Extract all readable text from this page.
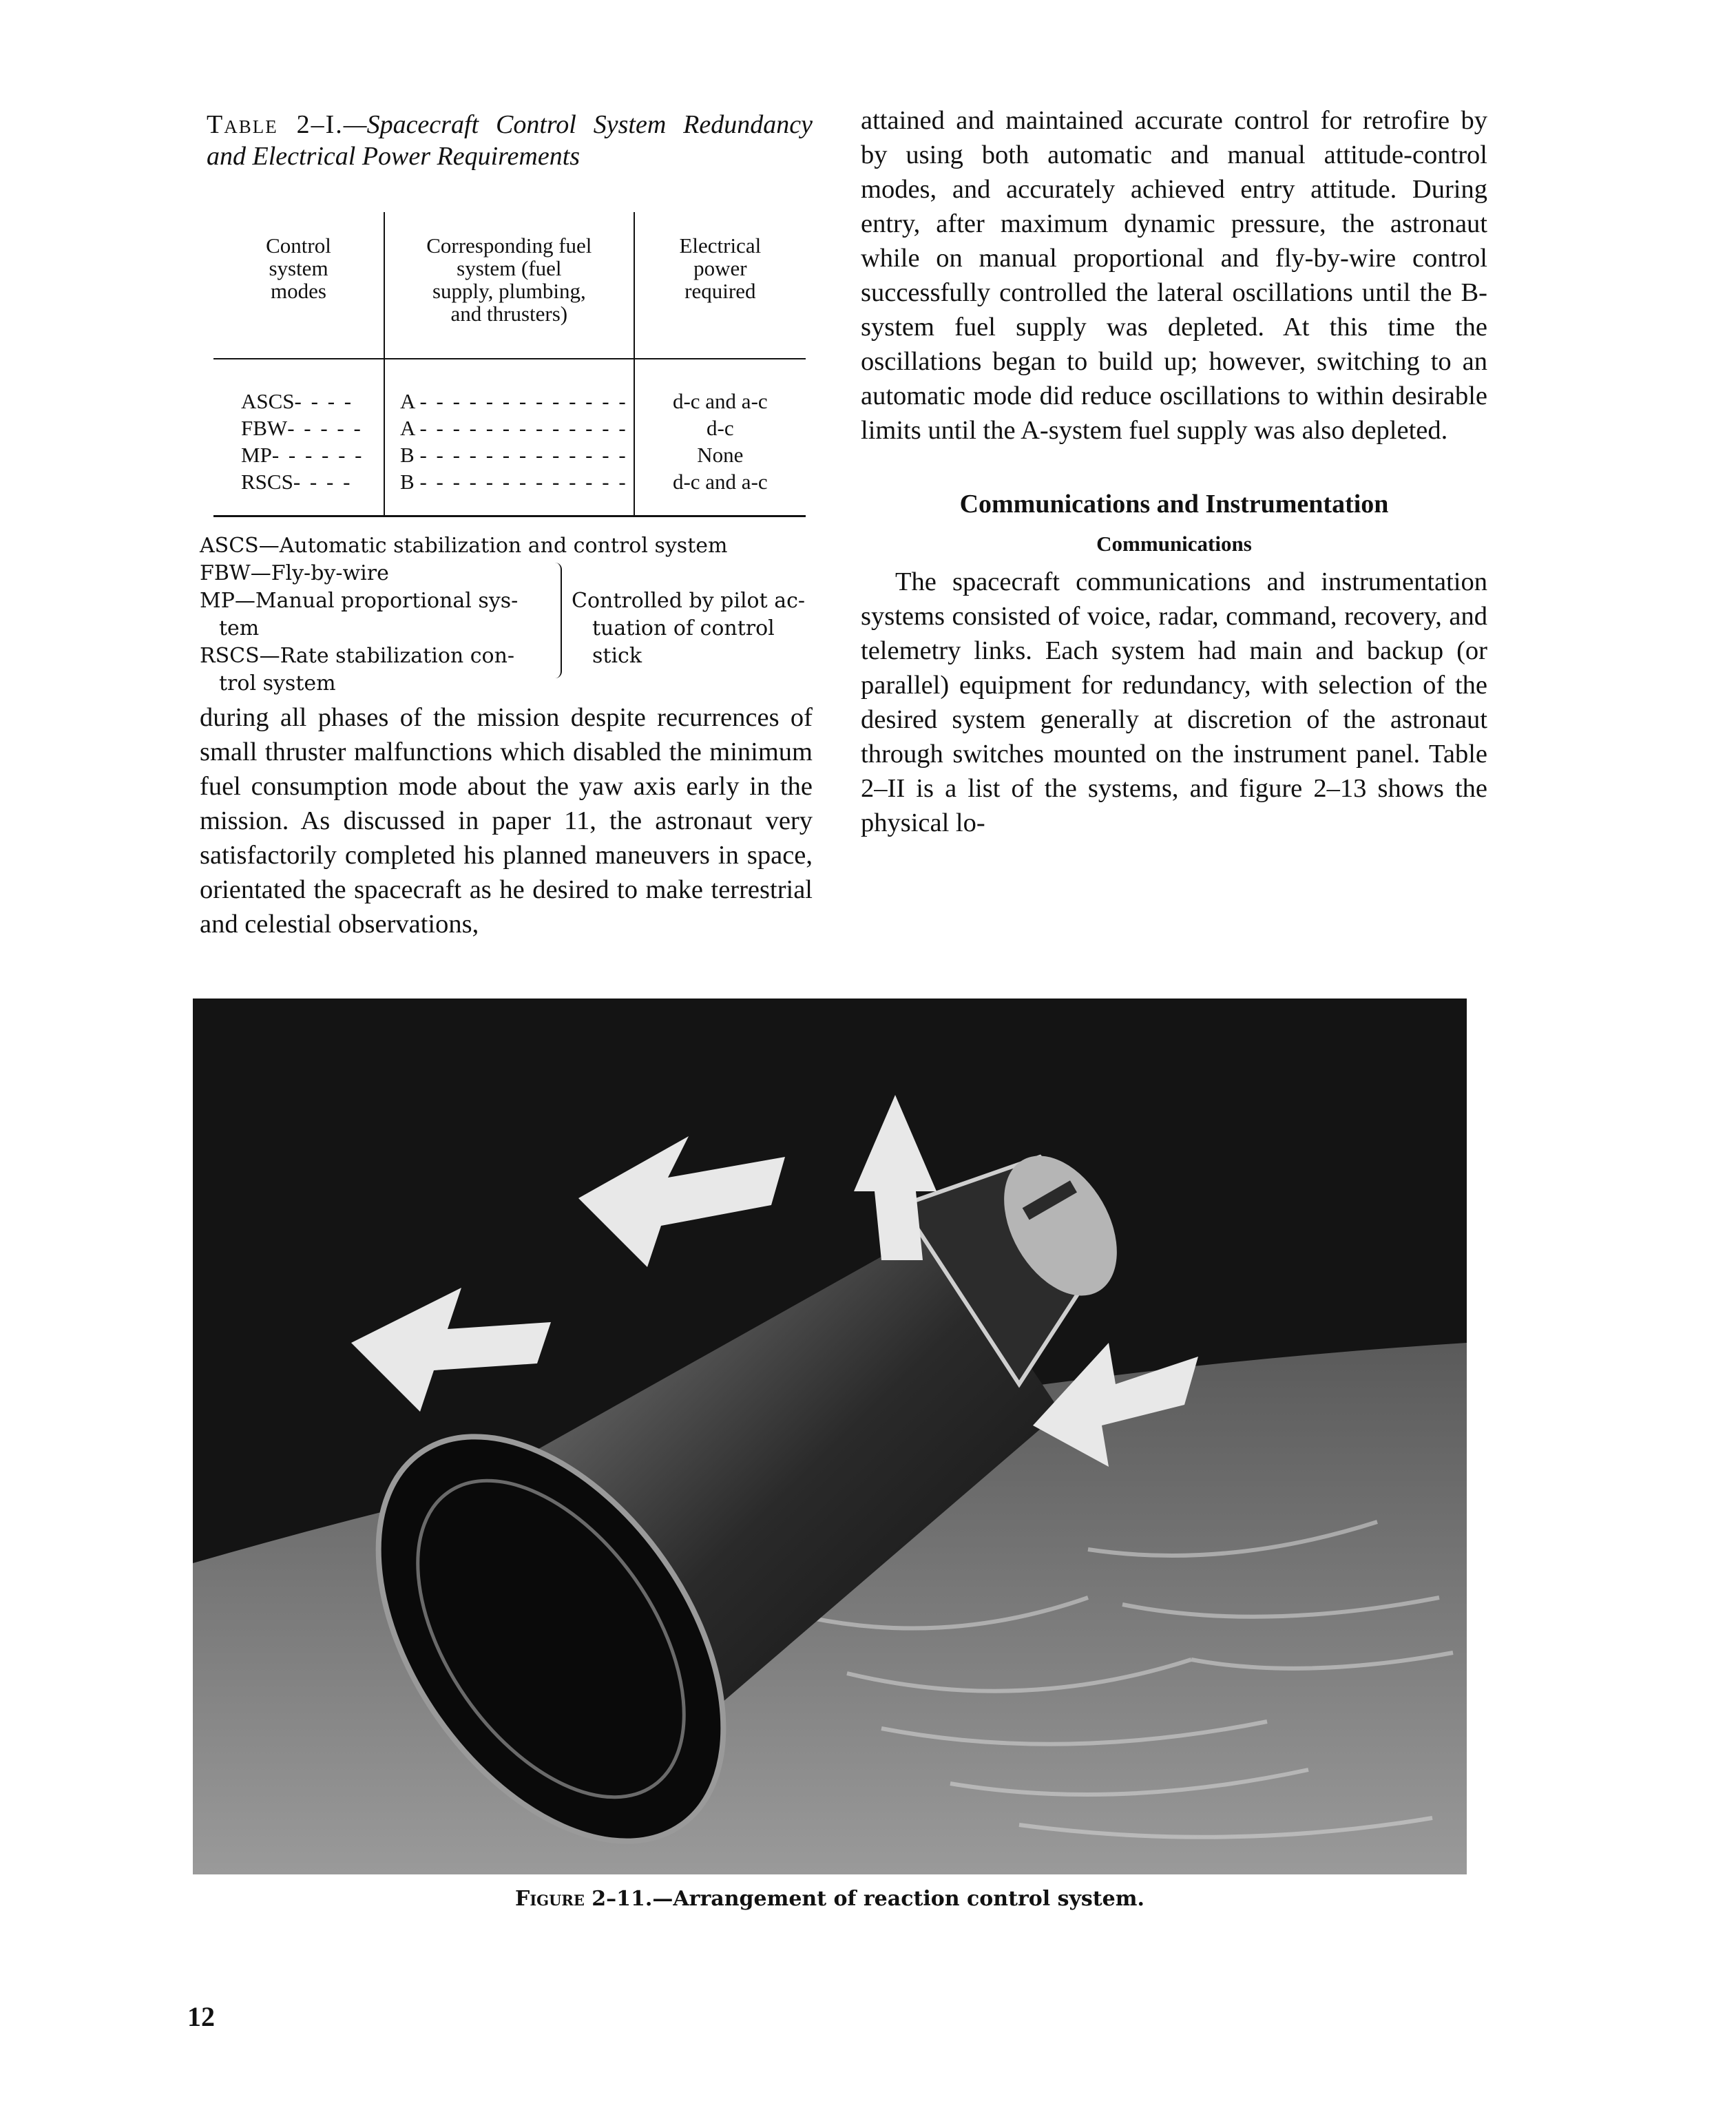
Table 2–I.—Spacecraft Control System Redundancy and Electrical Power Requirements
Control
system
modes	Corresponding fuel
system (fuel
supply, plumbing,
and thrusters)	Electrical
power
required
ASCS- - - -	A - - - - - - - - - - - - -	d-c and a-c
FBW- - - - -	A - - - - - - - - - - - - -	d-c
MP- - - - - -	B - - - - - - - - - - - - -	None
RSCS- - - -	B - - - - - - - - - - - - -	d-c and a-c
ASCS—Automatic stabilization and control system
FBW—Fly-by-wire
MP—Manual proportional sys-
tem
RSCS—Rate stabilization con-
trol system
Controlled by pilot ac-
tuation of control
stick

during all phases of the mission despite recurrences of small thruster malfunctions which disabled the minimum fuel consumption mode about the yaw axis early in the mission. As discussed in paper 11, the astronaut very satisfactorily completed his planned maneuvers in space, orientated the spacecraft as he desired to make terrestrial and celestial observations,

attained and maintained accurate control for retrofire by by using both automatic and manual attitude-control modes, and accurately achieved entry attitude. During entry, after maximum dynamic pressure, the astronaut while on manual proportional and fly-by-wire control successfully controlled the lateral oscillations until the B-system fuel supply was depleted. At this time the oscillations began to build up; however, switching to an automatic mode did reduce oscillations to within desirable limits until the A-system fuel supply was also depleted.

Communications and Instrumentation
Communications

The spacecraft communications and instrumentation systems consisted of voice, radar, command, recovery, and telemetry links. Each system had main and backup (or parallel) equipment for redundancy, with selection of the desired system generally at discretion of the astronaut through switches mounted on the instrument panel. Table 2–II is a list of the systems, and figure 2–13 shows the physical lo-

Figure 2–11.—Arrangement of reaction control system.
12
